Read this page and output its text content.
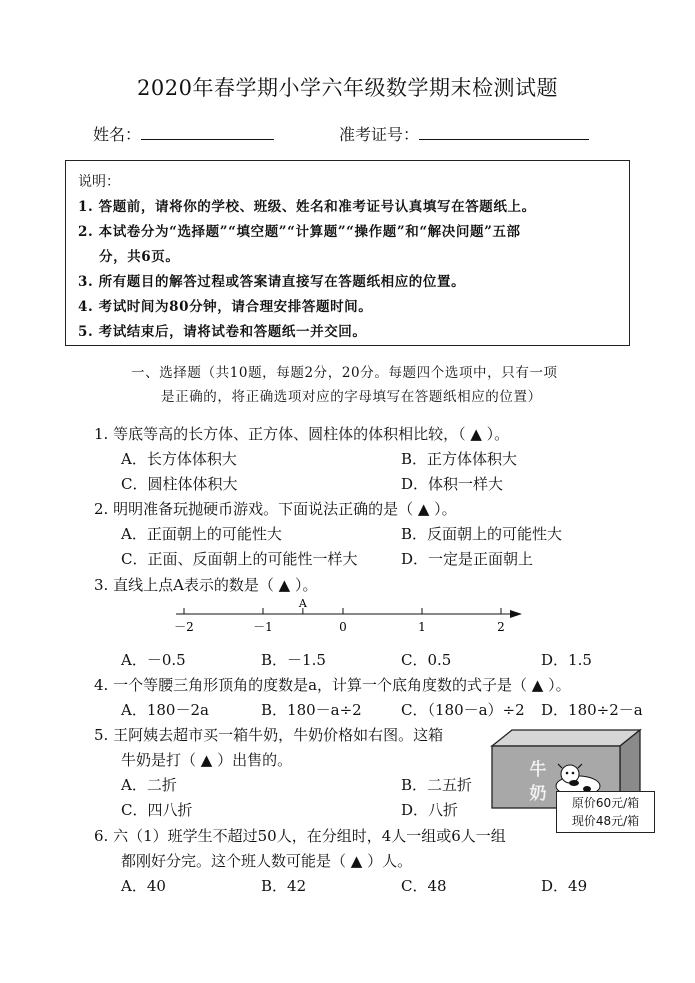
2020年春学期小学六年级数学期末检测试题
姓名：	准考证号：
说明：
1. 答题前，请将你的学校、班级、姓名和准考证号认真填写在答题纸上。
2. 本试卷分为“选择题”“填空题”“计算题”“操作题”和“解决问题”五部
分，共6页。
3. 所有题目的解答过程或答案请直接写在答题纸相应的位置。
4. 考试时间为80分钟，请合理安排答题时间。
5. 考试结束后，请将试卷和答题纸一并交回。
一、选择题（共10题，每题2分，20分。每题四个选项中，只有一项
是正确的，将正确选项对应的字母填写在答题纸相应的位置）
1. 等底等高的长方体、正方体、圆柱体的体积相比较，（ ▲ ）。
A．长方体体积大	B．正方体体积大
C．圆柱体体积大	D．体积一样大
2. 明明准备玩抛硬币游戏。下面说法正确的是（ ▲ ）。
A．正面朝上的可能性大	B．反面朝上的可能性大
C．正面、反面朝上的可能性一样大	D．一定是正面朝上
3. 直线上点A表示的数是（ ▲ ）。
A
－2	－1	0	1	2
A．－0.5	B．－1.5	C．0.5	D．1.5
4. 一个等腰三角形顶角的度数是a，计算一个底角度数的式子是（ ▲ ）。
A．180－2a	B．180－a÷2	C．（180－a）÷2 D．180÷2－a
5. 王阿姨去超市买一箱牛奶，牛奶价格如右图。这箱
牛奶是打（ ▲ ）出售的。
A．二折	B．二五折
C．四八折	D．八折
牛
奶	原价60元/箱
现价48元/箱
6. 六（1）班学生不超过50人，在分组时，4人一组或6人一组
都刚好分完。这个班人数可能是（ ▲ ）人。
A．40	B．42	C．48	D．49
